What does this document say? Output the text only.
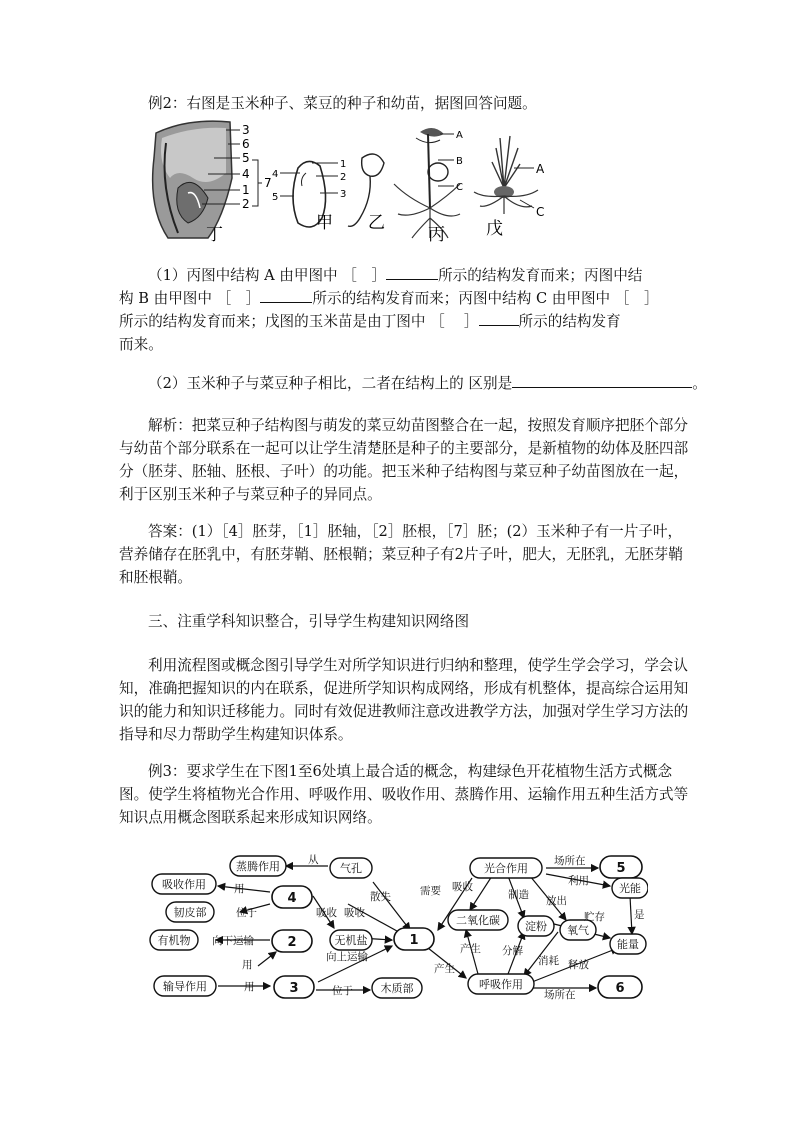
例2：右图是玉米种子、菜豆的种子和幼苗，据图回答问题。

3
6
5
4
1
2
7
丁
1
2
3
4
5
甲 乙
A
B
C
丙
A
C
戊
（1）丙图中结构 A 由甲图中 ［　］	所示的结构发育而来；丙图中结
构 B 由甲图中 ［　］	所示的结构发育而来；丙图中结构 C 由甲图中 ［　］
所示的结构发育而来；戊图的玉米苗是由丁图中 ［　 ］	所示的结构发育
而来。
（2）玉米种子与菜豆种子相比，二者在结构上的 区别是	。

解析：把菜豆种子结构图与萌发的菜豆幼苗图整合在一起，按照发育顺序把胚个部分与幼苗个部分联系在一起可以让学生清楚胚是种子的主要部分，是新植物的幼体及胚四部分（胚芽、胚轴、胚根、子叶）的功能。把玉米种子结构图与菜豆种子幼苗图放在一起，利于区别玉米种子与菜豆种子的异同点。

答案：(1）［4］胚芽，［1］胚轴，［2］胚根，［7］胚；(2）玉米种子有一片子叶，营养储存在胚乳中，有胚芽鞘、胚根鞘；菜豆种子有2片子叶，肥大，无胚乳，无胚芽鞘和胚根鞘。

三、注重学科知识整合，引导学生构建知识网络图

利用流程图或概念图引导学生对所学知识进行归纳和整理，使学生学会学习，学会认知，准确把握知识的内在联系，促进所学知识构成网络，形成有机整体，提高综合运用知识的能力和知识迁移能力。同时有效促进教师注意改进教学方法，加强对学生学习方法的指导和尽力帮助学生构建知识体系。

例3：要求学生在下图1至6处填上最合适的概念，构建绿色开花植物生活方式概念图。使学生将植物光合作用、呼吸作用、吸收作用、蒸腾作用、运输作用五种生活方式等知识点用概念图联系起来形成知识网络。

蒸腾作用	气孔
吸收作用
4
韧皮部
有机物	2	无机盐	1
输导作用	3	木质部
光合作用	5
光能
二氧化碳 淀粉 氧气
能量
呼吸作用	6
从
散失
用
位于	吸收 吸收
向下运输
用
用
向上运输
位于
需要 吸收
制造 放出
场所在
利用
贮存	是
产生
产生 分解
消耗 释放
场所在
